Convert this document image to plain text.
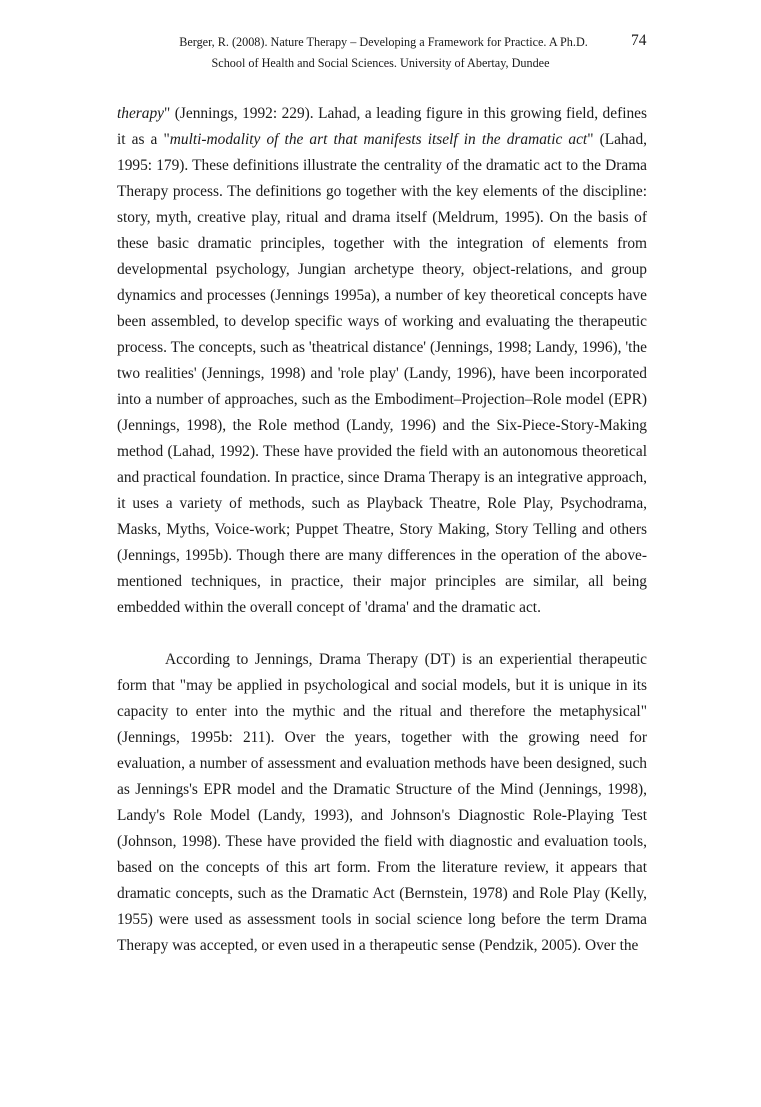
Berger, R. (2008). Nature Therapy – Developing a Framework for Practice. A Ph.D.	74
School of Health and Social Sciences. University of Abertay, Dundee

therapy" (Jennings, 1992: 229). Lahad, a leading figure in this growing field, defines it as a "multi-modality of the art that manifests itself in the dramatic act" (Lahad, 1995: 179). These definitions illustrate the centrality of the dramatic act to the Drama Therapy process. The definitions go together with the key elements of the discipline: story, myth, creative play, ritual and drama itself (Meldrum, 1995). On the basis of these basic dramatic principles, together with the integration of elements from developmental psychology, Jungian archetype theory, object-relations, and group dynamics and processes (Jennings 1995a), a number of key theoretical concepts have been assembled, to develop specific ways of working and evaluating the therapeutic process. The concepts, such as 'theatrical distance' (Jennings, 1998; Landy, 1996), 'the two realities' (Jennings, 1998) and 'role play' (Landy, 1996), have been incorporated into a number of approaches, such as the Embodiment–Projection–Role model (EPR) (Jennings, 1998), the Role method (Landy, 1996) and the Six-Piece-Story-Making method (Lahad, 1992). These have provided the field with an autonomous theoretical and practical foundation. In practice, since Drama Therapy is an integrative approach, it uses a variety of methods, such as Playback Theatre, Role Play, Psychodrama, Masks, Myths, Voice-work; Puppet Theatre, Story Making, Story Telling and others (Jennings, 1995b). Though there are many differences in the operation of the above-mentioned techniques, in practice, their major principles are similar, all being embedded within the overall concept of 'drama' and the dramatic act.

According to Jennings, Drama Therapy (DT) is an experiential therapeutic form that "may be applied in psychological and social models, but it is unique in its capacity to enter into the mythic and the ritual and therefore the metaphysical" (Jennings, 1995b: 211). Over the years, together with the growing need for evaluation, a number of assessment and evaluation methods have been designed, such as Jennings's EPR model and the Dramatic Structure of the Mind (Jennings, 1998), Landy's Role Model (Landy, 1993), and Johnson's Diagnostic Role-Playing Test (Johnson, 1998). These have provided the field with diagnostic and evaluation tools, based on the concepts of this art form. From the literature review, it appears that dramatic concepts, such as the Dramatic Act (Bernstein, 1978) and Role Play (Kelly, 1955) were used as assessment tools in social science long before the term Drama Therapy was accepted, or even used in a therapeutic sense (Pendzik, 2005). Over the
